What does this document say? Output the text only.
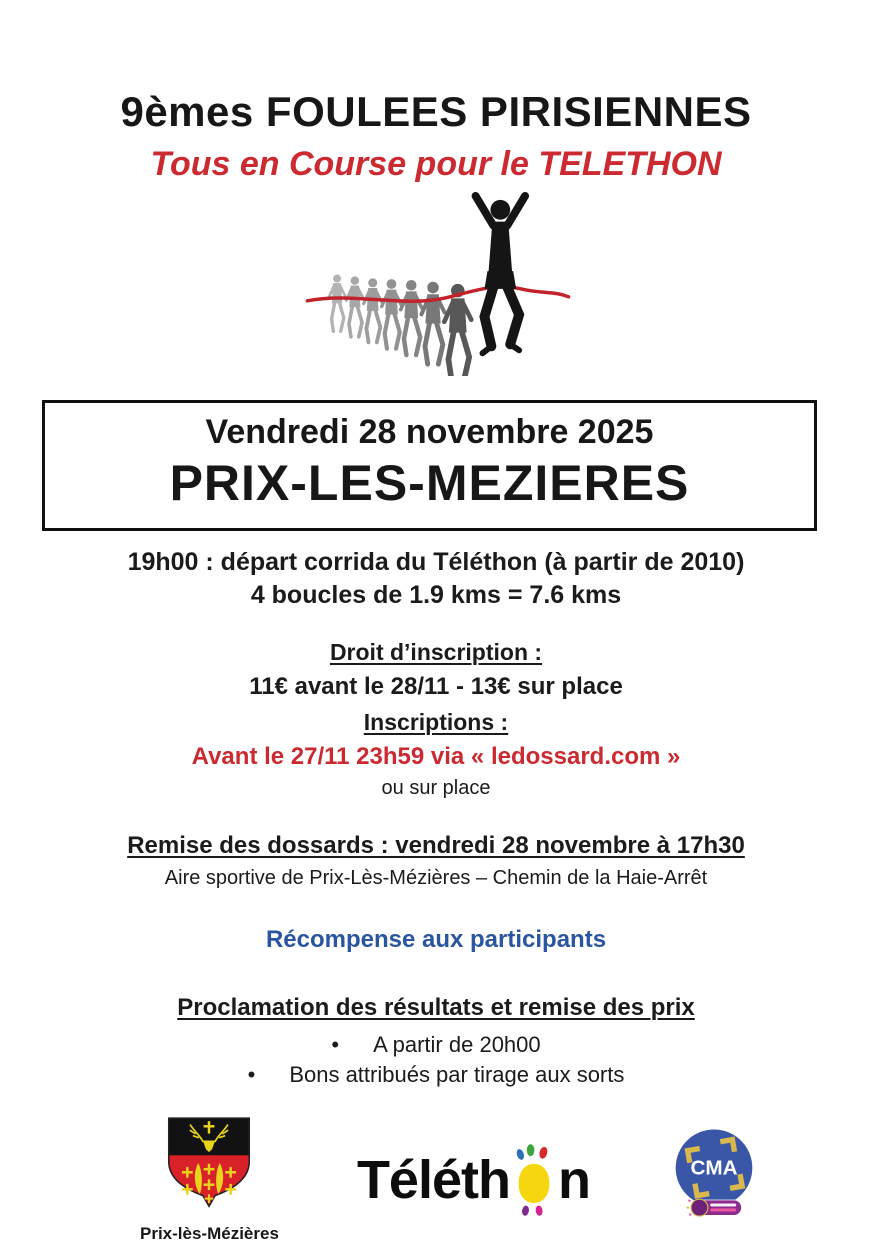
9èmes FOULEES PIRISIENNES
Tous en Course pour le TELETHON
Vendredi 28 novembre 2025
PRIX-LES-MEZIERES
19h00 : départ corrida du Téléthon (à partir de 2010)
4 boucles de 1.9 kms = 7.6 kms
Droit d’inscription :
11€ avant le 28/11 - 13€ sur place
Inscriptions :
Avant le 27/11 23h59 via « ledossard.com »
ou sur place
Remise des dossards : vendredi 28 novembre à 17h30
Aire sportive de Prix-Lès-Mézières – Chemin de la Haie-Arrêt
Récompense aux participants
Proclamation des résultats et remise des prix
• A partir de 20h00
• Bons attribués par tirage aux sorts
Prix-lès-Mézières
Téléth n	CMA
